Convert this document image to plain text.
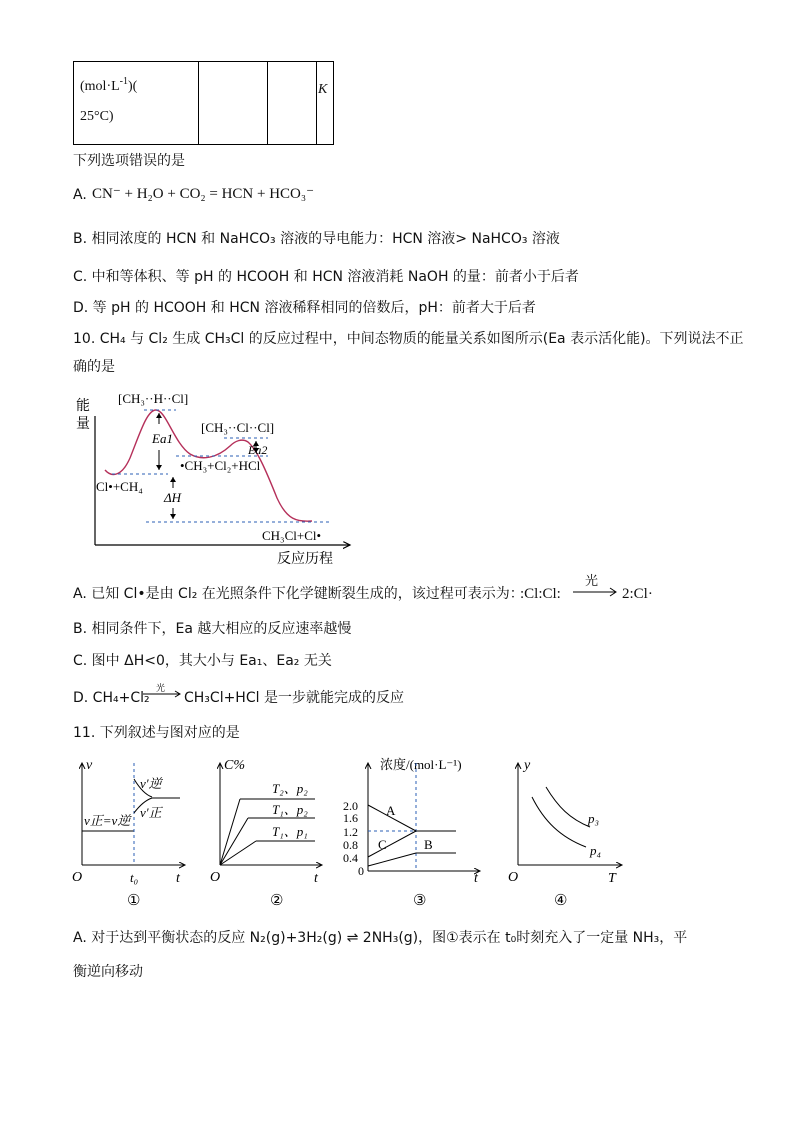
$(mol\cdot L^{-1})$(
25°C)
			K
下列选项错误的是
A. CN⁻ + H₂O + CO₂ = HCN + HCO₃⁻
B. 相同浓度的 HCN 和 NaHCO₃ 溶液的导电能力：HCN 溶液> NaHCO₃ 溶液
C. 中和等体积、等 pH 的 HCOOH 和 HCN 溶液消耗 NaOH 的量：前者小于后者
D. 等 pH 的 HCOOH 和 HCN 溶液稀释相同的倍数后，pH：前者大于后者
10. CH₄ 与 Cl₂ 生成 CH₃Cl 的反应过程中，中间态物质的能量关系如图所示(Ea 表示活化能)。下列说法不正
确的是
能
量
反应历程
[CH₃··H··Cl]
[CH₃··Cl··Cl]
Ea1
Ea2
•CH₃+Cl₂+HCl
Cl•+CH₄
ΔH
CH₃Cl+Cl•
A. 已知 Cl•是由 Cl₂ 在光照条件下化学键断裂生成的，该过程可表示为：
:Cl:Cl:
光
2:Cl·
B. 相同条件下，Ea 越大相应的反应速率越慢
C. 图中 ΔH<0，其大小与 Ea₁、Ea₂ 无关
D. CH₄+Cl₂
光
CH₃Cl+HCl 是一步就能完成的反应
11. 下列叙述与图对应的是
v
t
O	t₀
v正=v逆
v′逆
v′正
①
C%
t
O
T₂、p₂
T₁、p₂
T₁、p₁
②
浓度/(mol·L⁻¹)
t
2.0
1.6
1.2
0.8
0.4
0
A
C	B
③
y
T
O
p₃
p₄
④
A. 对于达到平衡状态的反应 N₂(g)+3H₂(g) ⇌ 2NH₃(g)，图①表示在 t₀时刻充入了一定量 NH₃，平
衡逆向移动
